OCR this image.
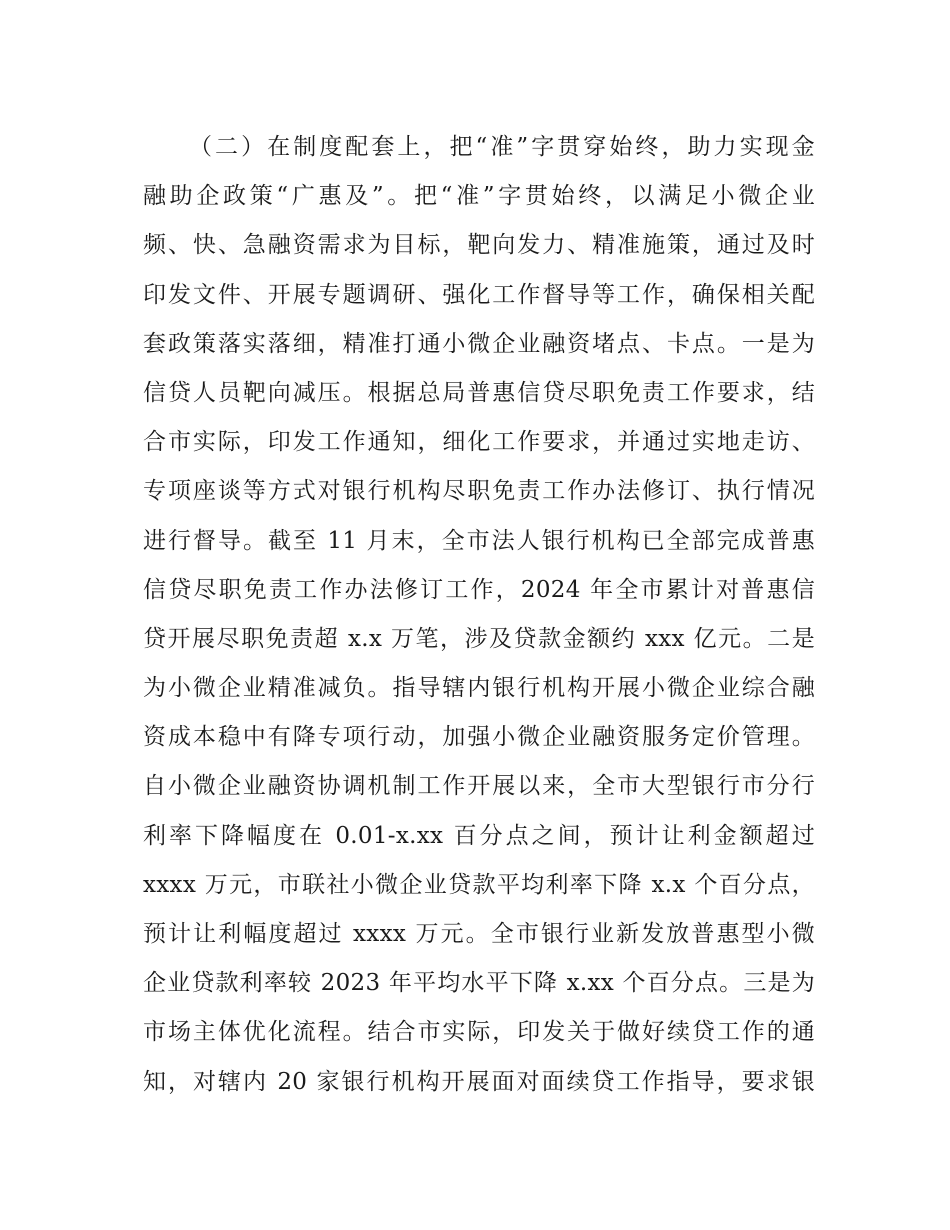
（二）在制度配套上，把“准”字贯穿始终，助力实现金
融助企政策“广惠及”。把“准”字贯始终，以满足小微企业
频、快、急融资需求为目标，靶向发力、精准施策，通过及时
印发文件、开展专题调研、强化工作督导等工作，确保相关配
套政策落实落细，精准打通小微企业融资堵点、卡点。一是为
信贷人员靶向减压。根据总局普惠信贷尽职免责工作要求，结
合市实际，印发工作通知，细化工作要求，并通过实地走访、
专项座谈等方式对银行机构尽职免责工作办法修订、执行情况
进行督导。截至 11 月末，全市法人银行机构已全部完成普惠
信贷尽职免责工作办法修订工作，2024 年全市累计对普惠信
贷开展尽职免责超 x.x 万笔，涉及贷款金额约 xxx 亿元。二是
为小微企业精准减负。指导辖内银行机构开展小微企业综合融
资成本稳中有降专项行动，加强小微企业融资服务定价管理。
自小微企业融资协调机制工作开展以来，全市大型银行市分行
利率下降幅度在 0.01-x.xx 百分点之间，预计让利金额超过
xxxx 万元，市联社小微企业贷款平均利率下降 x.x 个百分点，
预计让利幅度超过 xxxx 万元。全市银行业新发放普惠型小微
企业贷款利率较 2023 年平均水平下降 x.xx 个百分点。三是为
市场主体优化流程。结合市实际，印发关于做好续贷工作的通
知，对辖内 20 家银行机构开展面对面续贷工作指导，要求银
